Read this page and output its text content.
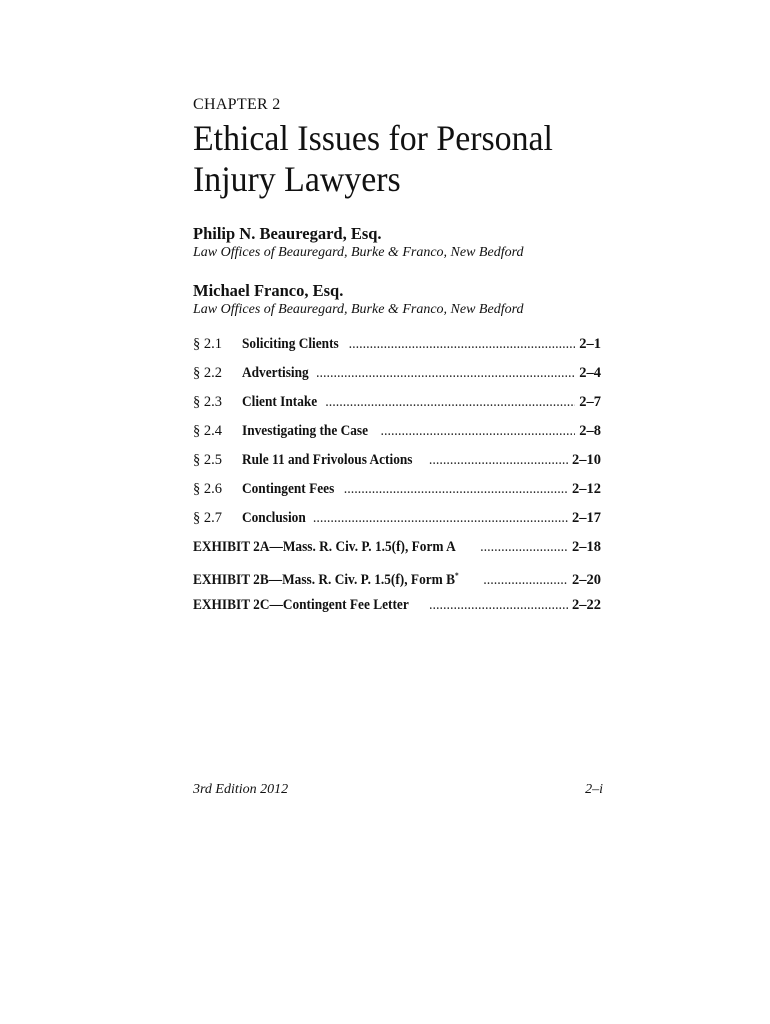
CHAPTER 2
Ethical Issues for Personal Injury Lawyers
Philip N. Beauregard, Esq.
Law Offices of Beauregard, Burke & Franco, New Bedford
Michael Franco, Esq.
Law Offices of Beauregard, Burke & Franco, New Bedford
§ 2.1	Soliciting Clients .....	2–1
§ 2.2	Advertising .....	2–4
§ 2.3	Client Intake .....	2–7
§ 2.4	Investigating the Case .....	2–8
§ 2.5	Rule 11 and Frivolous Actions .....	2–10
§ 2.6	Contingent Fees .....	2–12
§ 2.7	Conclusion .....	2–17
EXHIBIT 2A—Mass. R. Civ. P. 1.5(f), Form A .....	2–18
EXHIBIT 2B—Mass. R. Civ. P. 1.5(f), Form B* .....	2–20
EXHIBIT 2C—Contingent Fee Letter .....	2–22
3rd Edition 2012	2–i
